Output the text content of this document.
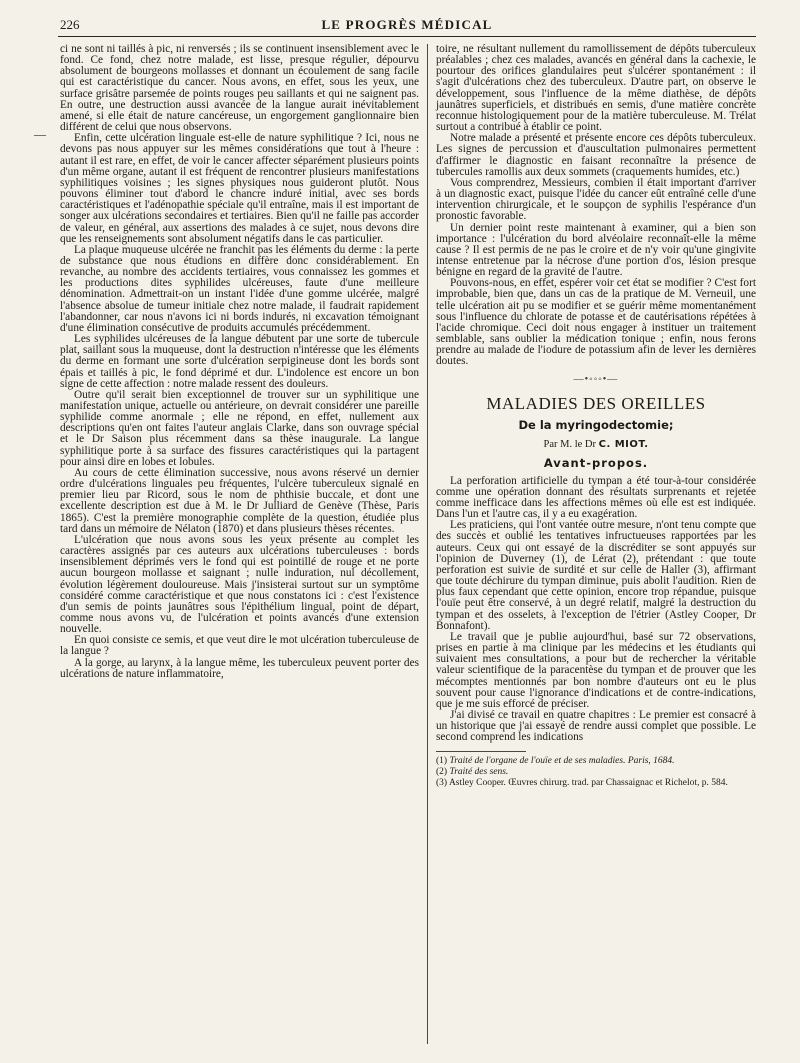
226	LE PROGRÈS MÉDICAL
—

ci ne sont ni taillés à pic, ni renversés ; ils se continuent insensiblement avec le fond. Ce fond, chez notre malade, est lisse, presque régulier, dépourvu absolument de bourgeons mollasses et donnant un écoulement de sang facile qui est caractéristique du cancer. Nous avons, en effet, sous les yeux, une surface grisâtre parsemée de points rouges peu saillants et qui ne saignent pas. En outre, une destruction aussi avancée de la langue aurait inévitablement amené, si elle était de nature cancéreuse, un engorgement ganglionnaire bien différent de celui que nous observons.

Enfin, cette ulcération linguale est-elle de nature syphilitique ? Ici, nous ne devons pas nous appuyer sur les mêmes considérations que tout à l'heure : autant il est rare, en effet, de voir le cancer affecter séparément plusieurs points d'un même organe, autant il est fréquent de rencontrer plusieurs manifestations syphilitiques voisines ; les signes physiques nous guideront plutôt. Nous pouvons éliminer tout d'abord le chancre induré initial, avec ses bords caractéristiques et l'adénopathie spéciale qu'il entraîne, mais il est important de songer aux ulcérations secondaires et tertiaires. Bien qu'il ne faille pas accorder de valeur, en général, aux assertions des malades à ce sujet, nous devons dire que les renseignements sont absolument négatifs dans le cas particulier.

La plaque muqueuse ulcérée ne franchit pas les éléments du derme : la perte de substance que nous étudions en diffère donc considérablement. En revanche, au nombre des accidents tertiaires, vous connaissez les gommes et les productions dites syphilides ulcéreuses, faute d'une meilleure dénomination. Admettrait-on un instant l'idée d'une gomme ulcérée, malgré l'absence absolue de tumeur initiale chez notre malade, il faudrait rapidement l'abandonner, car nous n'avons ici ni bords indurés, ni excavation témoignant d'une élimination consécutive de produits accumulés précédemment.

Les syphilides ulcéreuses de la langue débutent par une sorte de tubercule plat, saillant sous la muqueuse, dont la destruction n'intéresse que les éléments du derme en formant une sorte d'ulcération serpigineuse dont les bords sont épais et taillés à pic, le fond déprimé et dur. L'indolence est encore un bon signe de cette affection : notre malade ressent des douleurs.

Outre qu'il serait bien exceptionnel de trouver sur un syphilitique une manifestation unique, actuelle ou antérieure, on devrait considérer une pareille syphilide comme anormale ; elle ne répond, en effet, nullement aux descriptions qu'en ont faites l'auteur anglais Clarke, dans son ouvrage spécial et le Dr Saison plus récemment dans sa thèse inaugurale. La langue syphilitique porte à sa surface des fissures caractéristiques qui la partagent pour ainsi dire en lobes et lobules.

Au cours de cette élimination successive, nous avons réservé un dernier ordre d'ulcérations linguales peu fréquentes, l'ulcère tuberculeux signalé en premier lieu par Ricord, sous le nom de phthisie buccale, et dont une excellente description est due à M. le Dr Julliard de Genève (Thèse, Paris 1865). C'est la première monographie complète de la question, étudiée plus tard dans un mémoire de Nélaton (1870) et dans plusieurs thèses récentes.

L'ulcération que nous avons sous les yeux présente au complet les caractères assignés par ces auteurs aux ulcérations tuberculeuses : bords insensiblement déprimés vers le fond qui est pointillé de rouge et ne porte aucun bourgeon mollasse et saignant ; nulle induration, nul décollement, évolution légèrement douloureuse. Mais j'insisterai surtout sur un symptôme considéré comme caractéristique et que nous constatons ici : c'est l'existence d'un semis de points jaunâtres sous l'épithélium lingual, point de départ, comme nous avons vu, de l'ulcération et points avancés d'une extension nouvelle.

En quoi consiste ce semis, et que veut dire le mot ulcération tuberculeuse de la langue ?

A la gorge, au larynx, à la langue même, les tuberculeux peuvent porter des ulcérations de nature inflammatoire,

toire, ne résultant nullement du ramollissement de dépôts tuberculeux préalables ; chez ces malades, avancés en général dans la cachexie, le pourtour des orifices glandulaires peut s'ulcérer spontanément : il s'agit d'ulcérations chez des tuberculeux. D'autre part, on observe le développement, sous l'influence de la même diathèse, de dépôts jaunâtres superficiels, et distribués en semis, d'une matière concrète reconnue histologiquement pour de la matière tuberculeuse. M. Trélat surtout a contribué à établir ce point.

Notre malade a présenté et présente encore ces dépôts tuberculeux. Les signes de percussion et d'auscultation pulmonaires permettent d'affirmer le diagnostic en faisant reconnaître la présence de tubercules ramollis aux deux sommets (craquements humides, etc.)

Vous comprendrez, Messieurs, combien il était important d'arriver à un diagnostic exact, puisque l'idée du cancer eût entraîné celle d'une intervention chirurgicale, et le soupçon de syphilis l'espérance d'un pronostic favorable.

Un dernier point reste maintenant à examiner, qui a bien son importance : l'ulcération du bord alvéolaire reconnaît-elle la même cause ? Il est permis de ne pas le croire et de n'y voir qu'une gingivite intense entretenue par la nécrose d'une portion d'os, lésion presque bénigne en regard de la gravité de l'autre.

Pouvons-nous, en effet, espérer voir cet état se modifier ? C'est fort improbable, bien que, dans un cas de la pratique de M. Verneuil, une telle ulcération ait pu se modifier et se guérir même momentanément sous l'influence du chlorate de potasse et de cautérisations répétées à l'acide chromique. Ceci doit nous engager à instituer un traitement semblable, sans oublier la médication tonique ; enfin, nous ferons prendre au malade de l'iodure de potassium afin de lever les dernières doutes.

—•◦◦◦•—
MALADIES DES OREILLES
De la myringodectomie;
Par M. le Dr C. MIOT.
Avant-propos.

La perforation artificielle du tympan a été tour-à-tour considérée comme une opération donnant des résultats surprenants et rejetée comme inefficace dans les affections mêmes où elle est est indiquée. Dans l'un et l'autre cas, il y a eu exagération.

Les praticiens, qui l'ont vantée outre mesure, n'ont tenu compte que des succès et oublié les tentatives infructueuses rapportées par les auteurs. Ceux qui ont essayé de la discréditer se sont appuyés sur l'opinion de Duverney (1), de Lérat (2), prétendant : que toute perforation est suivie de surdité et sur celle de Haller (3), affirmant que toute déchirure du tympan diminue, puis abolit l'audition. Rien de plus faux cependant que cette opinion, encore trop répandue, puisque l'ouïe peut être conservé, à un degré relatif, malgré la destruction du tympan et des osselets, à l'exception de l'étrier (Astley Cooper, Dr Bonnafont).

Le travail que je publie aujourd'hui, basé sur 72 observations, prises en partie à ma clinique par les médecins et les étudiants qui suivaient mes consultations, a pour but de rechercher la véritable valeur scientifique de la paracentèse du tympan et de prouver que les mécomptes mentionnés par bon nombre d'auteurs ont eu le plus souvent pour cause l'ignorance d'indications et de contre-indications, que je me suis efforcé de préciser.

J'ai divisé ce travail en quatre chapitres : Le premier est consacré à un historique que j'ai essayé de rendre aussi complet que possible. Le second comprend les indications

(1) Traité de l'organe de l'ouïe et de ses maladies. Paris, 1684.

(2) Traité des sens.

(3) Astley Cooper. Œuvres chirurg. trad. par Chassaignac et Richelot, p. 584.
